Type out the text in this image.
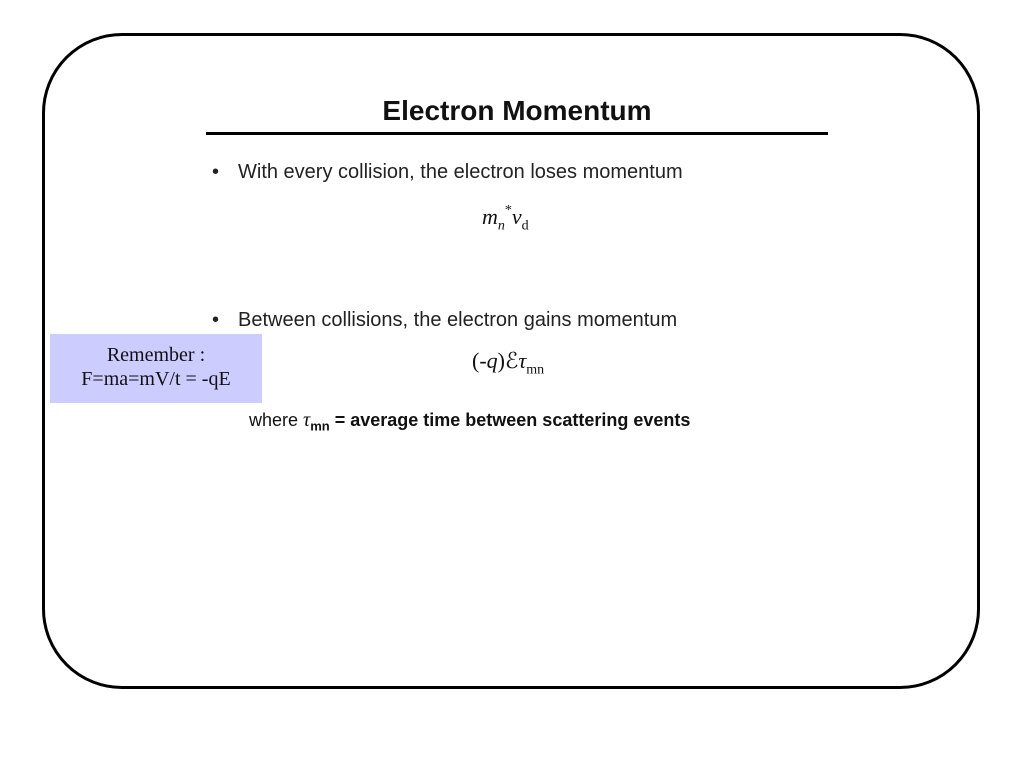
Electron Momentum
• With every collision, the electron loses momentum
$m_n^*v_d$
• Between collisions, the electron gains momentum
(-q)ℰτ$_{mn}$
where $\tau_{mn}$ = average time between scattering events
Remember :
F=ma=mV/t = -qE
